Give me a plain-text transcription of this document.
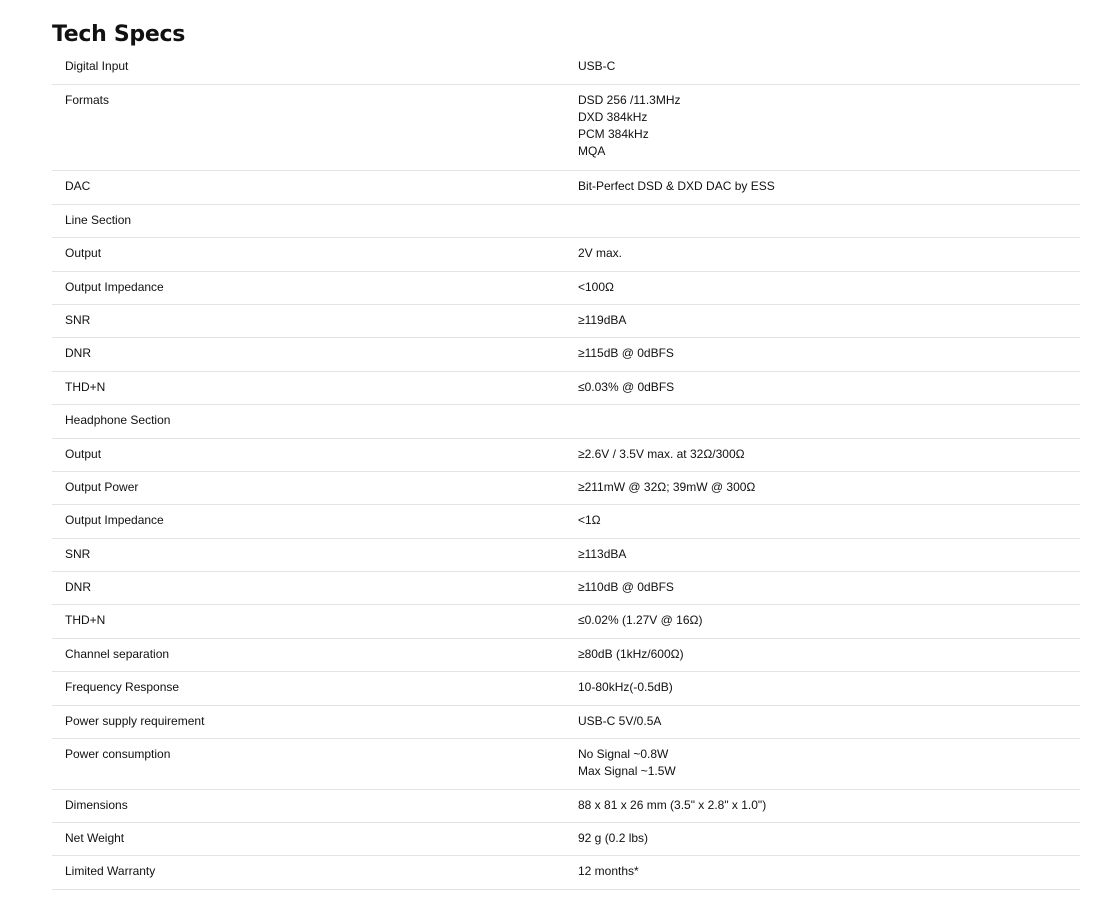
Tech Specs
Digital Input	USB-C
Formats	DSD 256 /11.3MHz
DXD 384kHz
PCM 384kHz
MQA
DAC	Bit-Perfect DSD & DXD DAC by ESS
Line Section
Output	2V max.
Output Impedance	<100Ω
SNR	≥119dBA
DNR	≥115dB @ 0dBFS
THD+N	≤0.03% @ 0dBFS
Headphone Section
Output	≥2.6V / 3.5V max. at 32Ω/300Ω
Output Power	≥211mW @ 32Ω; 39mW @ 300Ω
Output Impedance	<1Ω
SNR	≥113dBA
DNR	≥110dB @ 0dBFS
THD+N	≤0.02% (1.27V @ 16Ω)
Channel separation	≥80dB (1kHz/600Ω)
Frequency Response	10-80kHz(-0.5dB)
Power supply requirement	USB-C 5V/0.5A
Power consumption	No Signal ~0.8W
Max Signal ~1.5W
Dimensions	88 x 81 x 26 mm (3.5" x 2.8" x 1.0")
Net Weight	92 g (0.2 lbs)
Limited Warranty	12 months*
